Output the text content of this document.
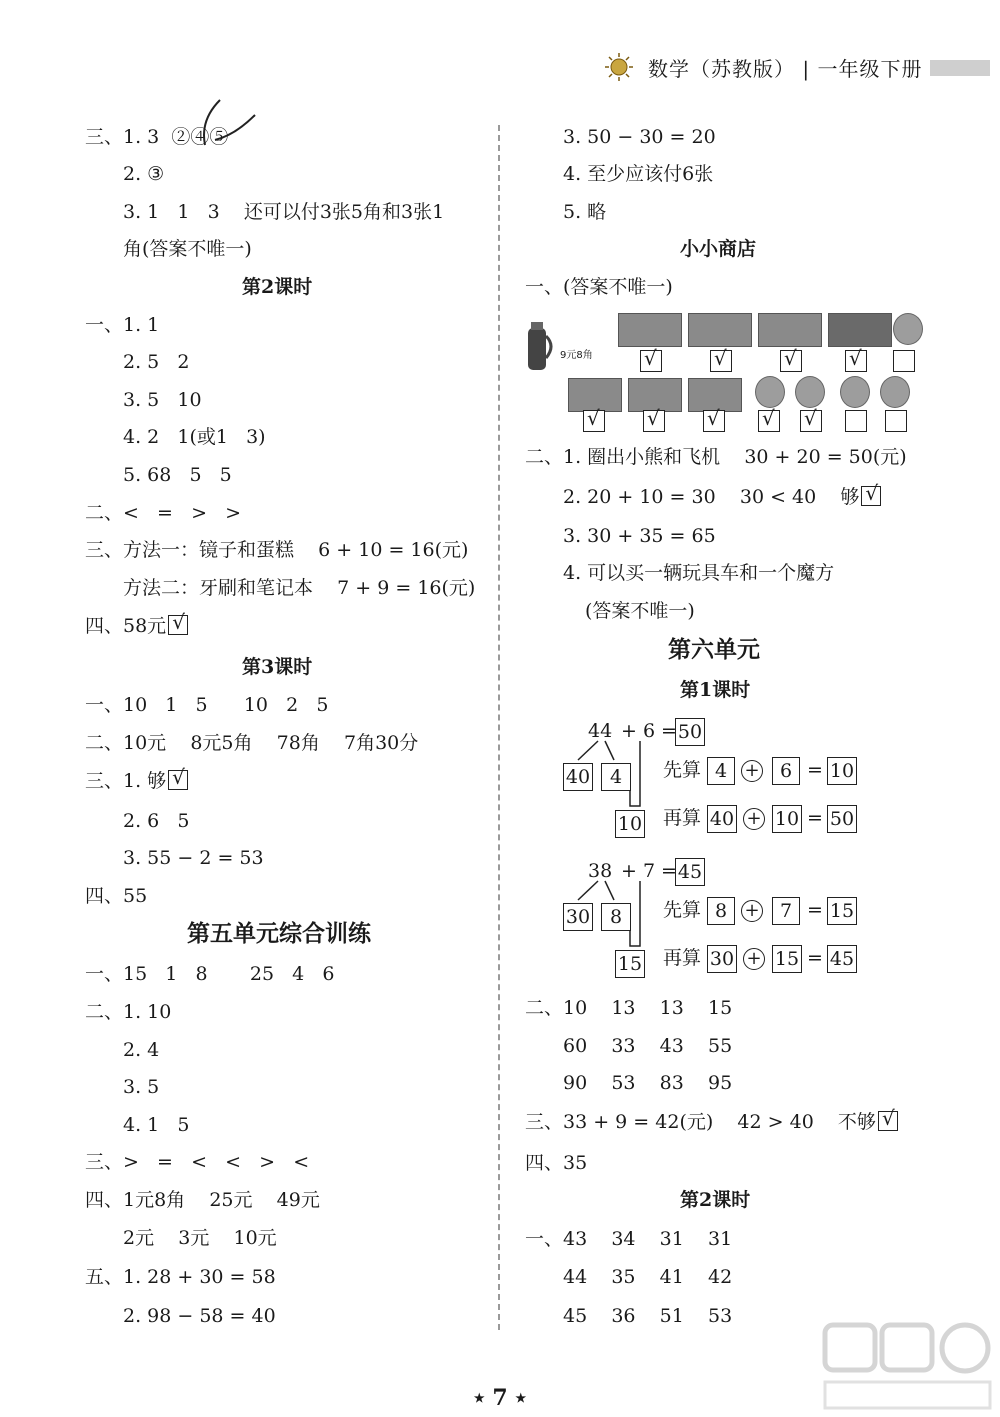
数学（苏教版） | 一年级下册
三、1. 3  ②④⑤
2. ③
3. 1   1   3    还可以付3张5角和3张1
角(答案不唯一)
第2课时
一、1. 1
2. 5   2
3. 5   10
4. 2   1(或1   3)
5. 68   5   5
二、<   =   >   >
三、方法一：镜子和蛋糕    6 + 10 = 16(元)
方法二：牙刷和笔记本    7 + 9 = 16(元)
四、58元 √
第3课时
一、10   1   5      10   2   5
二、10元    8元5角    78角    7角30分
三、1. 够 √
2. 6   5
3. 55 − 2 = 53
四、55
第五单元综合训练
一、15   1   8       25   4   6
二、1. 10
2. 4
3. 5
4. 1   5
三、>   =   <   <   >   <
四、1元8角    25元    49元
2元    3元    10元
五、1. 28 + 30 = 58
2. 98 − 58 = 40
3. 50 − 30 = 20
4. 至少应该付6张
5. 略
小小商店
一、(答案不唯一)
9元8角
√
√
√
√
√
√
√
√
√
二、1. 圈出小熊和飞机    30 + 20 = 50(元)
2. 20 + 10 = 30    30 < 40    够 √
3. 30 + 35 = 65
4. 可以买一辆玩具车和一个魔方
(答案不唯一)
第六单元
第1课时
44 + 6 = 50
40	4
10
先算 4 +	6 = 10
再算 40 + 10 = 50
38 + 7 = 45
30	8
15
先算 8 +	7 = 15
再算 30 + 15 = 45
二、10    13    13    15
60    33    43    55
90    53    83    95
三、33 + 9 = 42(元)    42 > 40    不够 √
四、35
第2课时
一、43    34    31    31
44    35    41    42
45    36    51    53
★ 7 ★
